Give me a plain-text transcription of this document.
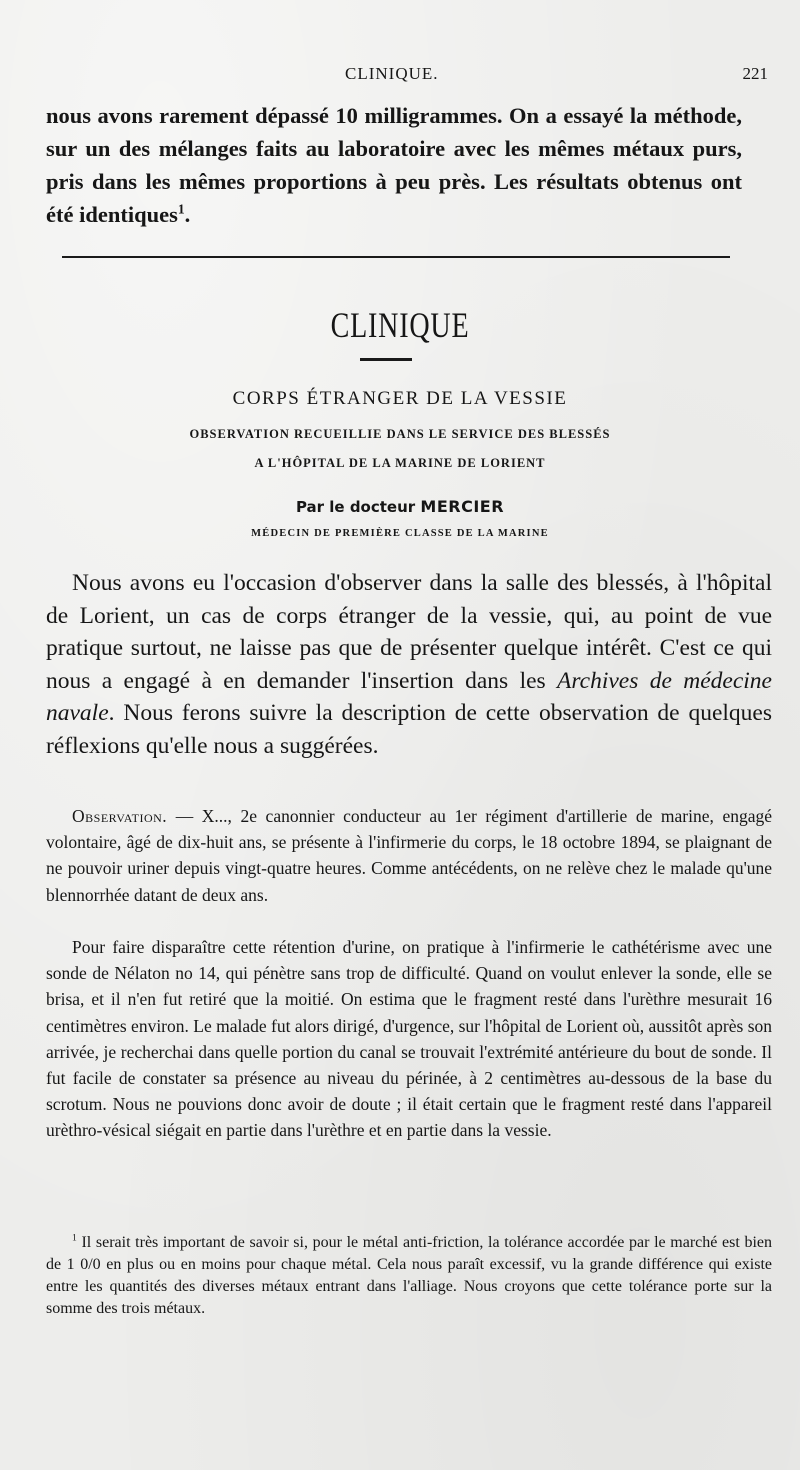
CLINIQUE.	221

nous avons rarement dépassé 10 milligrammes. On a essayé la méthode, sur un des mélanges faits au laboratoire avec les mêmes métaux purs, pris dans les mêmes proportions à peu près. Les résultats obtenus ont été identiques$^1$.

CLINIQUE
CORPS ÉTRANGER DE LA VESSIE
OBSERVATION RECUEILLIE DANS LE SERVICE DES BLESSÉS
A L'HÔPITAL DE LA MARINE DE LORIENT
Par le docteur MERCIER
MÉDECIN DE PREMIÈRE CLASSE DE LA MARINE

Nous avons eu l'occasion d'observer dans la salle des blessés, à l'hôpital de Lorient, un cas de corps étranger de la vessie, qui, au point de vue pratique surtout, ne laisse pas que de présenter quelque intérêt. C'est ce qui nous a engagé à en demander l'insertion dans les Archives de médecine navale. Nous ferons suivre la description de cette observation de quelques réflexions qu'elle nous a suggérées.

Observation. — X..., 2e canonnier conducteur au 1er régiment d'artillerie de marine, engagé volontaire, âgé de dix-huit ans, se présente à l'infirmerie du corps, le 18 octobre 1894, se plaignant de ne pouvoir uriner depuis vingt-quatre heures. Comme antécédents, on ne relève chez le malade qu'une blennorrhée datant de deux ans.

Pour faire disparaître cette rétention d'urine, on pratique à l'infirmerie le cathétérisme avec une sonde de Nélaton no 14, qui pénètre sans trop de difficulté. Quand on voulut enlever la sonde, elle se brisa, et il n'en fut retiré que la moitié. On estima que le fragment resté dans l'urèthre mesurait 16 centimètres environ. Le malade fut alors dirigé, d'urgence, sur l'hôpital de Lorient où, aussitôt après son arrivée, je recherchai dans quelle portion du canal se trouvait l'extrémité antérieure du bout de sonde. Il fut facile de constater sa présence au niveau du périnée, à 2 centimètres au-dessous de la base du scrotum. Nous ne pouvions donc avoir de doute ; il était certain que le fragment resté dans l'appareil urèthro-vésical siégait en partie dans l'urèthre et en partie dans la vessie.

$^1$ Il serait très important de savoir si, pour le métal anti-friction, la tolérance accordée par le marché est bien de 1 0/0 en plus ou en moins pour chaque métal. Cela nous paraît excessif, vu la grande différence qui existe entre les quantités des diverses métaux entrant dans l'alliage. Nous croyons que cette tolérance porte sur la somme des trois métaux.
